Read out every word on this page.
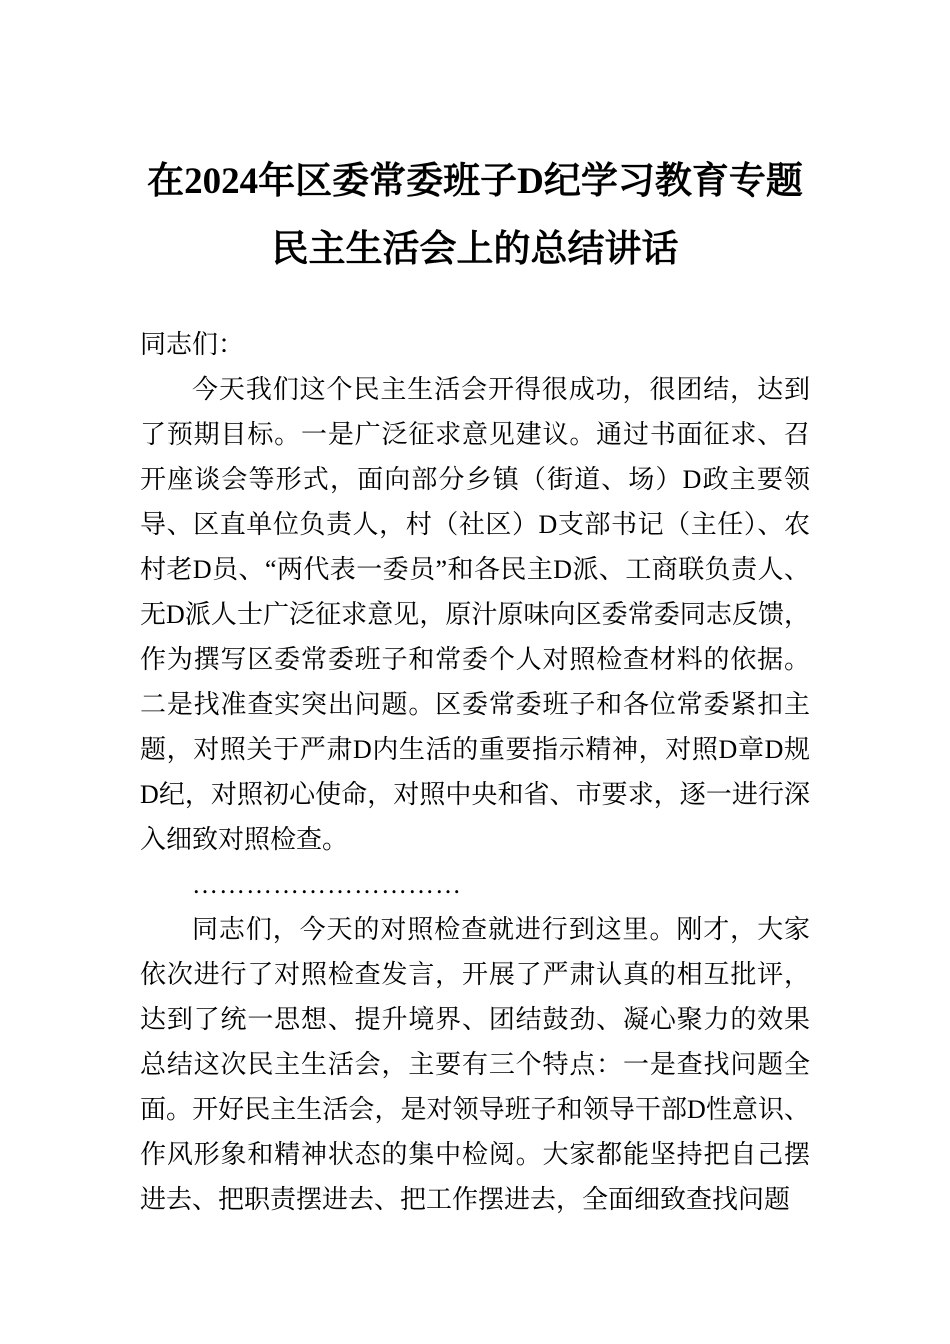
在2024年区委常委班子D纪学习教育专题
民主生活会上的总结讲话

同志们：

今天我们这个民主生活会开得很成功，很团结，达到了预期目标。一是广泛征求意见建议。通过书面征求、召开座谈会等形式，面向部分乡镇（街道、场）D政主要领导、区直单位负责人，村（社区）D支部书记（主任）、农村老D员、“两代表一委员”和各民主D派、工商联负责人、无D派人士广泛征求意见，原汁原味向区委常委同志反馈，作为撰写区委常委班子和常委个人对照检查材料的依据。二是找准查实突出问题。区委常委班子和各位常委紧扣主题，对照关于严肃D内生活的重要指示精神，对照D章D规D纪，对照初心使命，对照中央和省、市要求，逐一进行深入细致对照检查。

…………………………

同志们，今天的对照检查就进行到这里。刚才，大家依次进行了对照检查发言，开展了严肃认真的相互批评，达到了统一思想、提升境界、团结鼓劲、凝心聚力的效果总结这次民主生活会，主要有三个特点：一是查找问题全面。开好民主生活会，是对领导班子和领导干部D性意识、作风形象和精神状态的集中检阅。大家都能坚持把自己摆进去、把职责摆进去、把工作摆进去，全面细致查找问题
